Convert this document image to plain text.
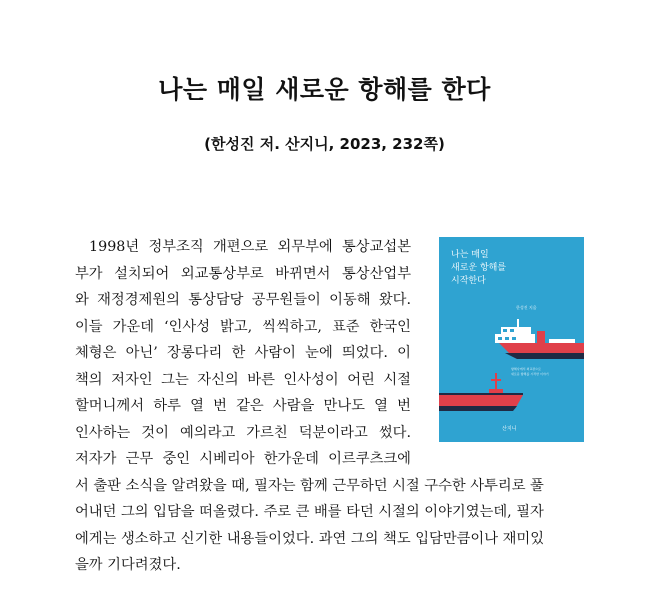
나는 매일 새로운 항해를 한다
(한성진 저. 산지니, 2023, 232쪽)
1998년 정부조직 개편으로 외무부에 통상교섭본
부가 설치되어 외교통상부로 바뀌면서 통상산업부
와 재정경제원의 통상담당 공무원들이 이동해 왔다.
이들 가운데 ‘인사성 밝고, 씩씩하고, 표준 한국인
체형은 아닌’ 장롱다리 한 사람이 눈에 띄었다. 이
책의 저자인 그는 자신의 바른 인사성이 어린 시절
할머니께서 하루 열 번 같은 사람을 만나도 열 번
인사하는 것이 예의라고 가르친 덕분이라고 썼다.
저자가 근무 중인 시베리아 한가운데 이르쿠츠크에
서 출판 소식을 알려왔을 때, 필자는 함께 근무하던 시절 구수한 사투리로 풀
어내던 그의 입담을 떠올렸다. 주로 큰 배를 타던 시절의 이야기였는데, 필자
에게는 생소하고 신기한 내용들이었다. 과연 그의 책도 입담만큼이나 재미있
을까 기다려졌다.
나는 매일
새로운 항해를
시작한다
한성진 지음
항해사에서 외교관으로
새로운 항해를 시작한 이야기
산지니
